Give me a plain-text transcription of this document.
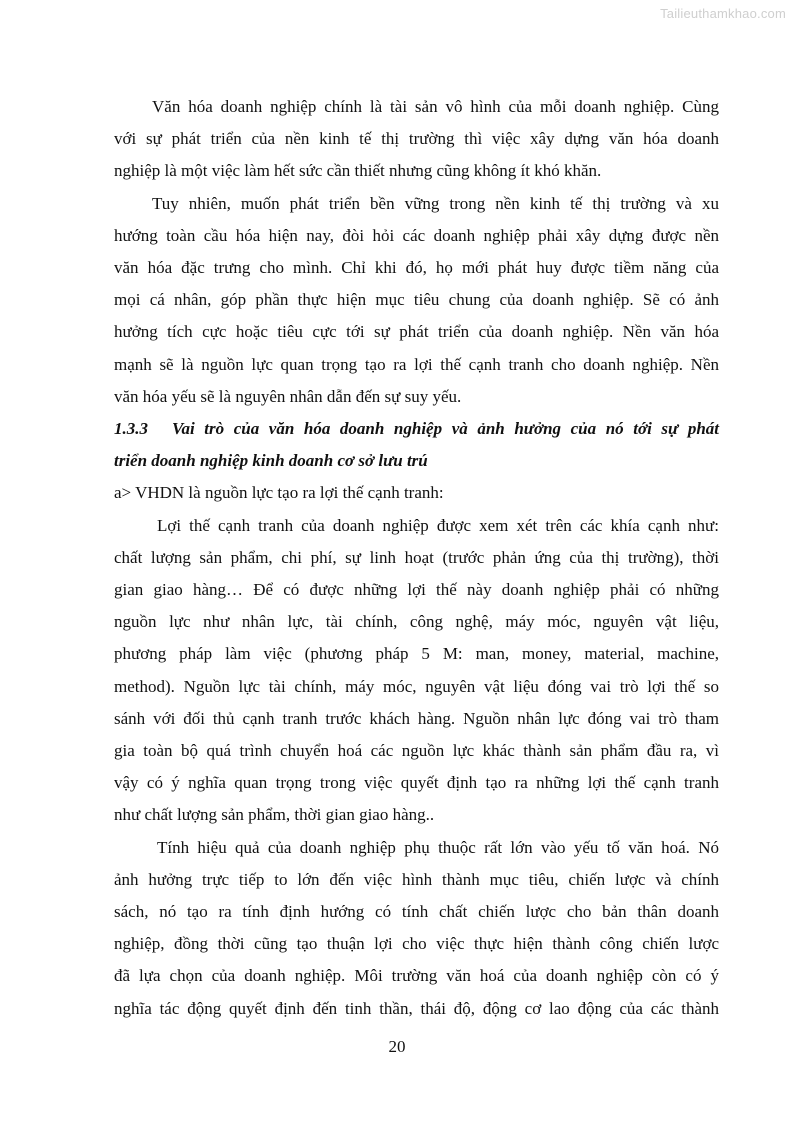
Tailieuthamkhao.com
Văn hóa doanh nghiệp chính là tài sản vô hình của mỗi doanh nghiệp. Cùng
với sự phát triển của nền kinh tế thị trường thì việc xây dựng văn hóa doanh
nghiệp là một việc làm hết sức cần thiết nhưng cũng không ít khó khăn.
Tuy nhiên, muốn phát triển bền vững trong nền kinh tế thị trường và xu
hướng toàn cầu hóa hiện nay, đòi hỏi các doanh nghiệp phải xây dựng được nền
văn hóa đặc trưng cho mình. Chỉ khi đó, họ mới phát huy được tiềm năng của
mọi cá nhân, góp phần thực hiện mục tiêu chung của doanh nghiệp. Sẽ có ảnh
hưởng tích cực hoặc tiêu cực tới sự phát triển của doanh nghiệp. Nền văn hóa
mạnh sẽ là nguồn lực quan trọng tạo ra lợi thế cạnh tranh cho doanh nghiệp. Nền
văn hóa yếu sẽ là nguyên nhân dẫn đến sự suy yếu.
1.3.3 Vai trò của văn hóa doanh nghiệp và ảnh hưởng của nó tới sự phát
triển doanh nghiệp kinh doanh cơ sở lưu trú
a> VHDN là nguồn lực tạo ra lợi thế cạnh tranh:
Lợi thế cạnh tranh của doanh nghiệp được xem xét trên các khía cạnh như:
chất lượng sản phẩm, chi phí, sự linh hoạt (trước phản ứng của thị trường), thời
gian giao hàng… Để có được những lợi thế này doanh nghiệp phải có những
nguồn lực như nhân lực, tài chính, công nghệ, máy móc, nguyên vật liệu,
phương pháp làm việc (phương pháp 5 M: man, money, material, machine,
method). Nguồn lực tài chính, máy móc, nguyên vật liệu đóng vai trò lợi thế so
sánh với đối thủ cạnh tranh trước khách hàng. Nguồn nhân lực đóng vai trò tham
gia toàn bộ quá trình chuyển hoá các nguồn lực khác thành sản phẩm đầu ra, vì
vậy có ý nghĩa quan trọng trong việc quyết định tạo ra những lợi thế cạnh tranh
như chất lượng sản phẩm, thời gian giao hàng..
Tính hiệu quả của doanh nghiệp phụ thuộc rất lớn vào yếu tố văn hoá. Nó
ảnh hưởng trực tiếp to lớn đến việc hình thành mục tiêu, chiến lược và chính
sách, nó tạo ra tính định hướng có tính chất chiến lược cho bản thân doanh
nghiệp, đồng thời cũng tạo thuận lợi cho việc thực hiện thành công chiến lược
đã lựa chọn của doanh nghiệp. Môi trường văn hoá của doanh nghiệp còn có ý
nghĩa tác động quyết định đến tinh thần, thái độ, động cơ lao động của các thành
20
